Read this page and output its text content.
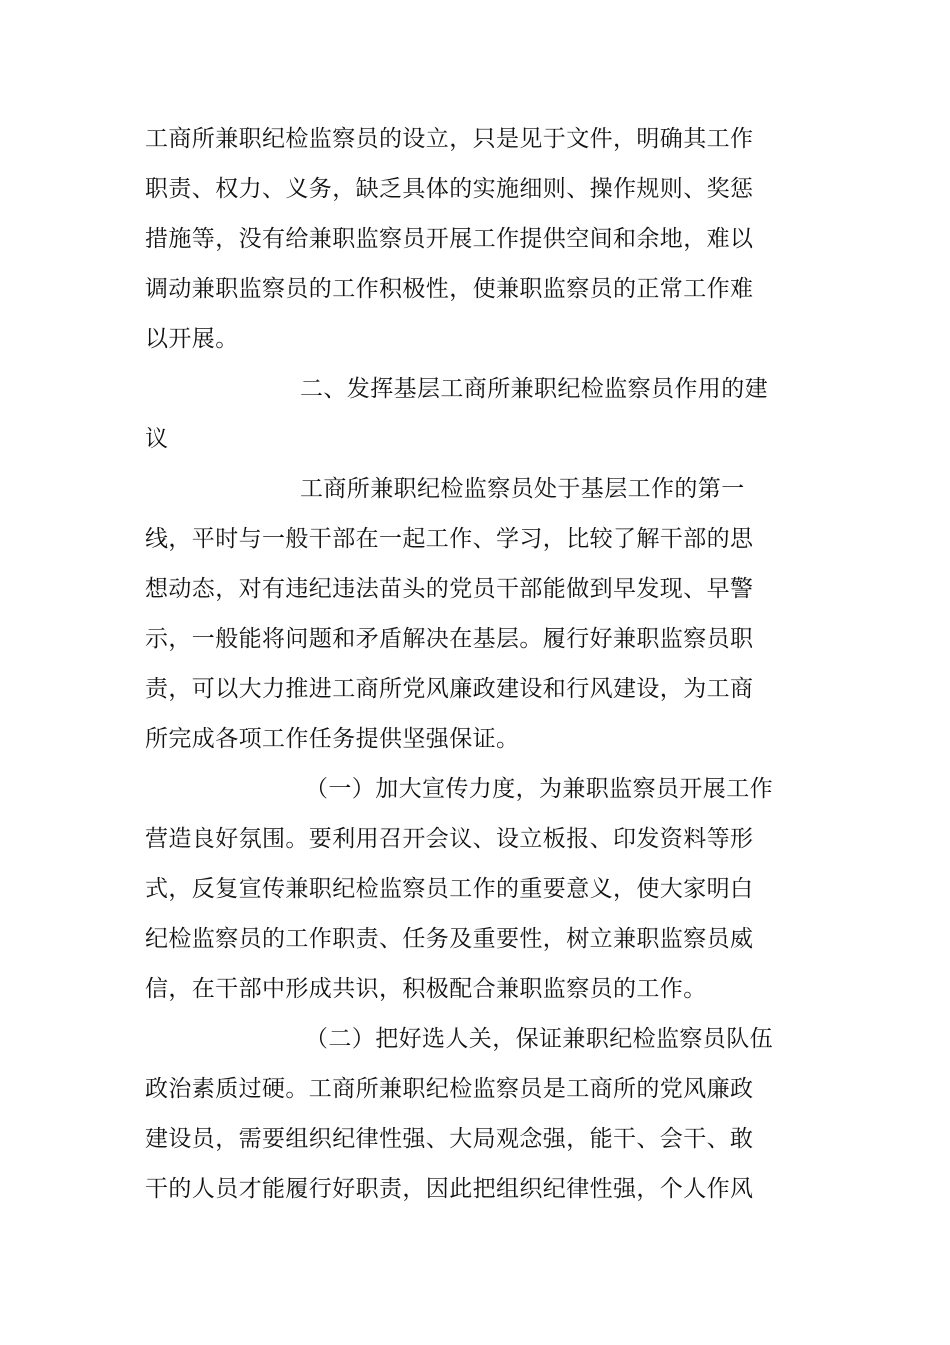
工商所兼职纪检监察员的设立，只是见于文件，明确其工作
职责、权力、义务，缺乏具体的实施细则、操作规则、奖惩
措施等，没有给兼职监察员开展工作提供空间和余地，难以
调动兼职监察员的工作积极性，使兼职监察员的正常工作难
以开展。
二、发挥基层工商所兼职纪检监察员作用的建
议
工商所兼职纪检监察员处于基层工作的第一
线，平时与一般干部在一起工作、学习，比较了解干部的思
想动态，对有违纪违法苗头的党员干部能做到早发现、早警
示，一般能将问题和矛盾解决在基层。履行好兼职监察员职
责，可以大力推进工商所党风廉政建设和行风建设，为工商
所完成各项工作任务提供坚强保证。
（一）加大宣传力度，为兼职监察员开展工作
营造良好氛围。要利用召开会议、设立板报、印发资料等形
式，反复宣传兼职纪检监察员工作的重要意义，使大家明白
纪检监察员的工作职责、任务及重要性，树立兼职监察员威
信，在干部中形成共识，积极配合兼职监察员的工作。
（二）把好选人关，保证兼职纪检监察员队伍
政治素质过硬。工商所兼职纪检监察员是工商所的党风廉政
建设员，需要组织纪律性强、大局观念强，能干、会干、敢
干的人员才能履行好职责，因此把组织纪律性强，个人作风
